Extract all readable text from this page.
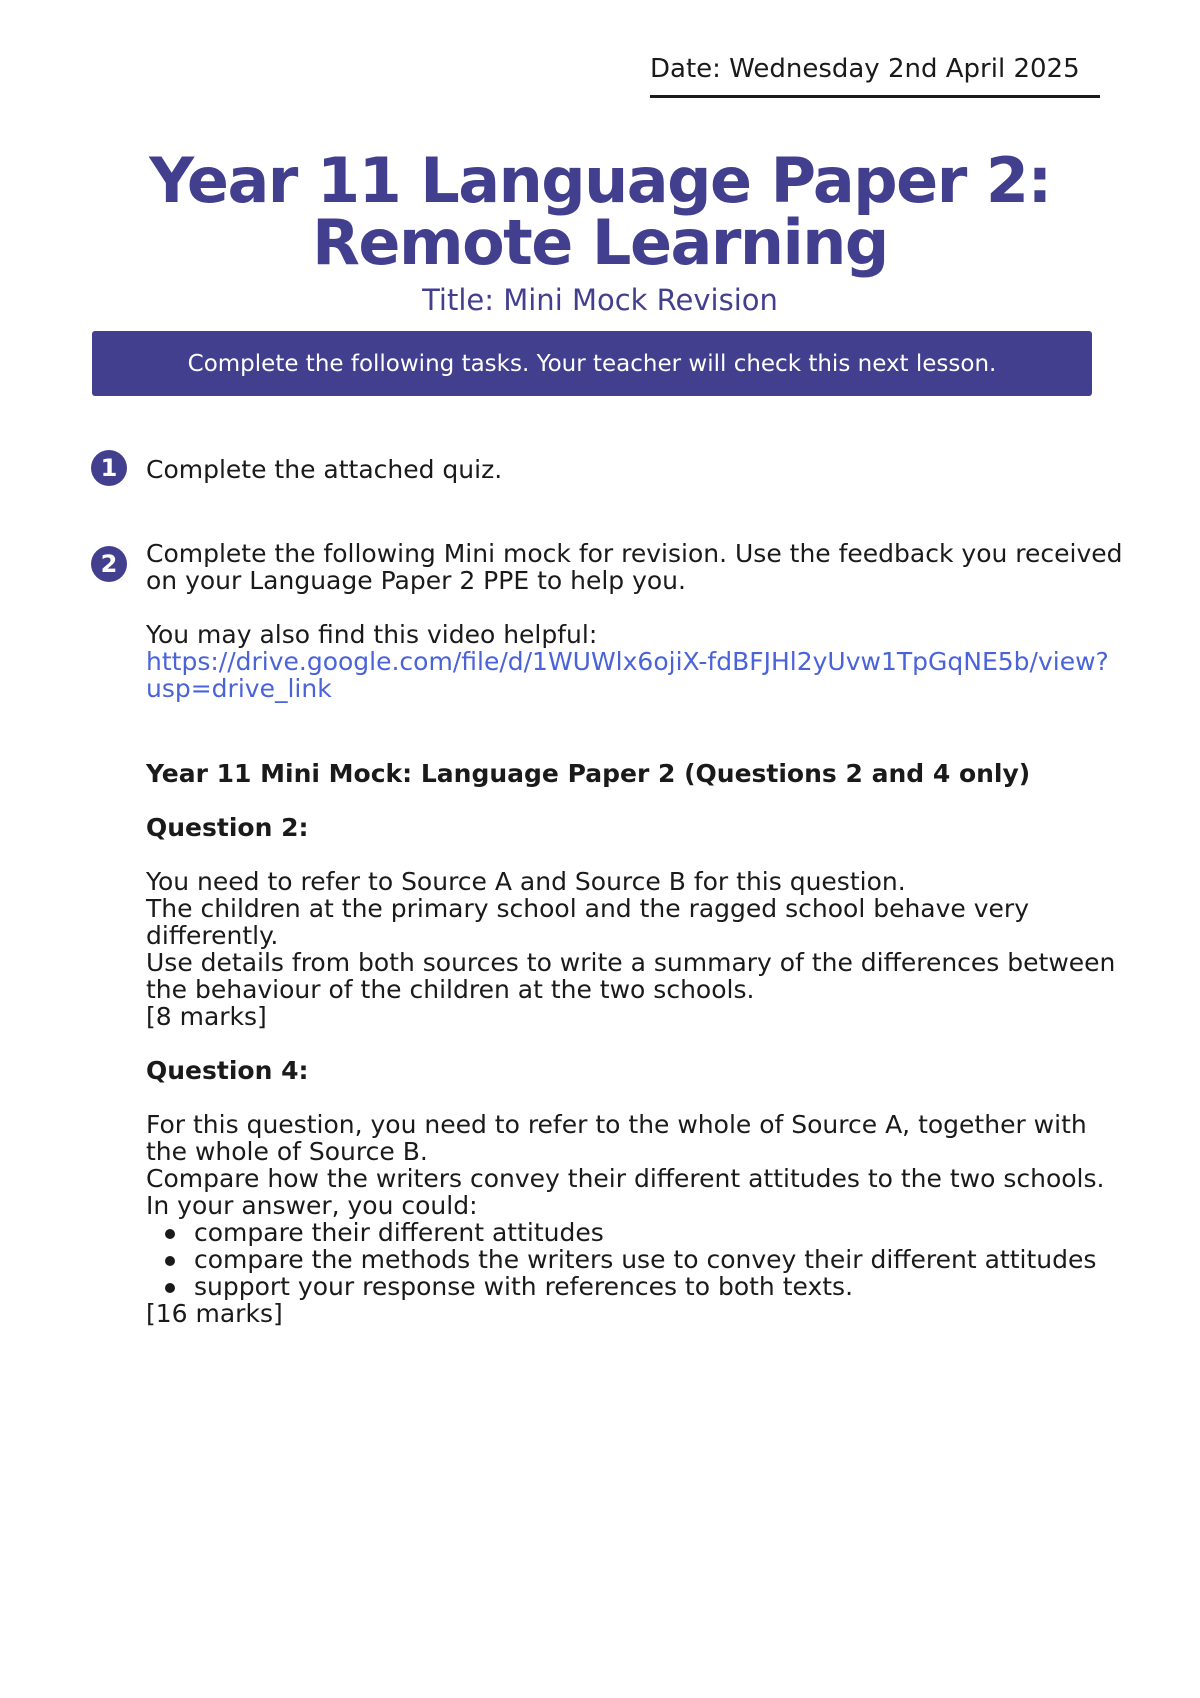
Date: Wednesday 2nd April 2025
Year 11 Language Paper 2:
Remote Learning
Title: Mini Mock Revision
Complete the following tasks. Your teacher will check this next lesson.
1	Complete the attached quiz.
2	Complete the following Mini mock for revision. Use the feedback you received on your Language Paper 2 PPE to help you.

You may also find this video helpful:

https://drive.google.com/file/d/1WUWlx6ojiX-fdBFJHl2yUvw1TpGqNE5b/view?
usp=drive_link

Year 11 Mini Mock: Language Paper 2 (Questions 2 and 4 only)

Question 2:

You need to refer to Source A and Source B for this question.

The children at the primary school and the ragged school behave very differently.

Use details from both sources to write a summary of the differences between the behaviour of the children at the two schools.

[8 marks]

Question 4:

For this question, you need to refer to the whole of Source A, together with the whole of Source B.

Compare how the writers convey their different attitudes to the two schools.

In your answer, you could:

compare their different attitudes
compare the methods the writers use to convey their different attitudes
support your response with references to both texts.

[16 marks]
